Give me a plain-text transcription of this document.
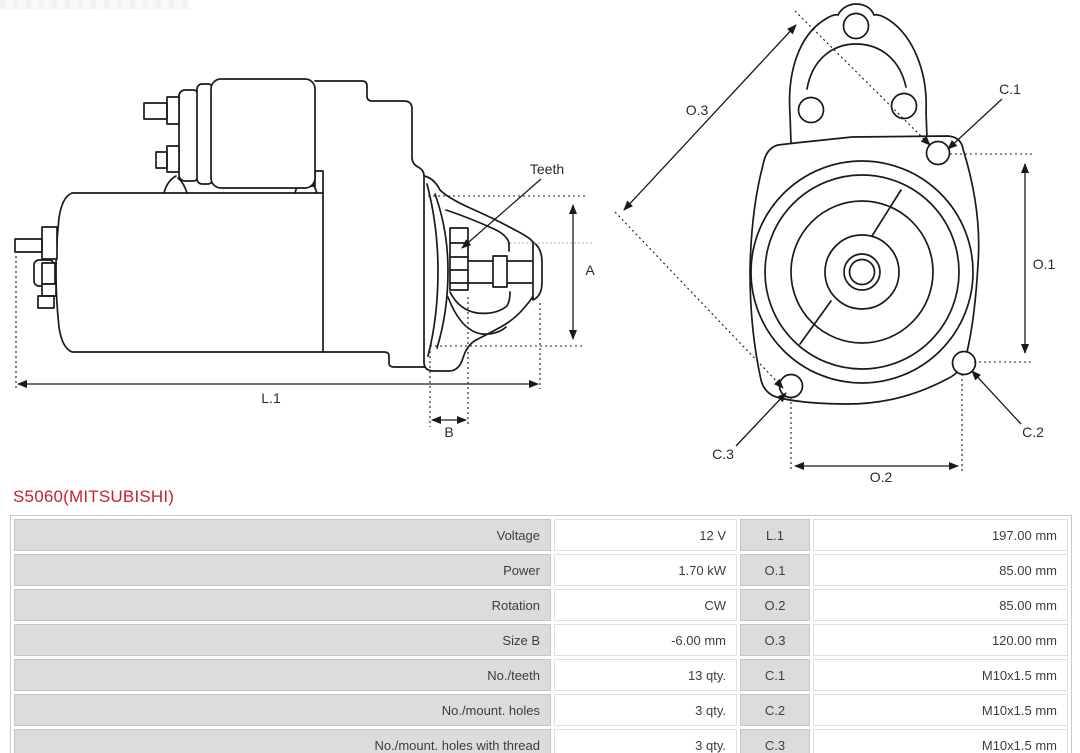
L.1
A
B
Teeth
O.3
O.1
O.2
C.1
C.2
C.3
S5060(MITSUBISHI)
Voltage	12 V	L.1	197.00 mm
Power	1.70 kW	O.1	85.00 mm
Rotation	CW	O.2	85.00 mm
Size B	-6.00 mm	O.3	120.00 mm
No./teeth	13 qty.	C.1	M10x1.5 mm
No./mount. holes	3 qty.	C.2	M10x1.5 mm
No./mount. holes with thread	3 qty.	C.3	M10x1.5 mm
